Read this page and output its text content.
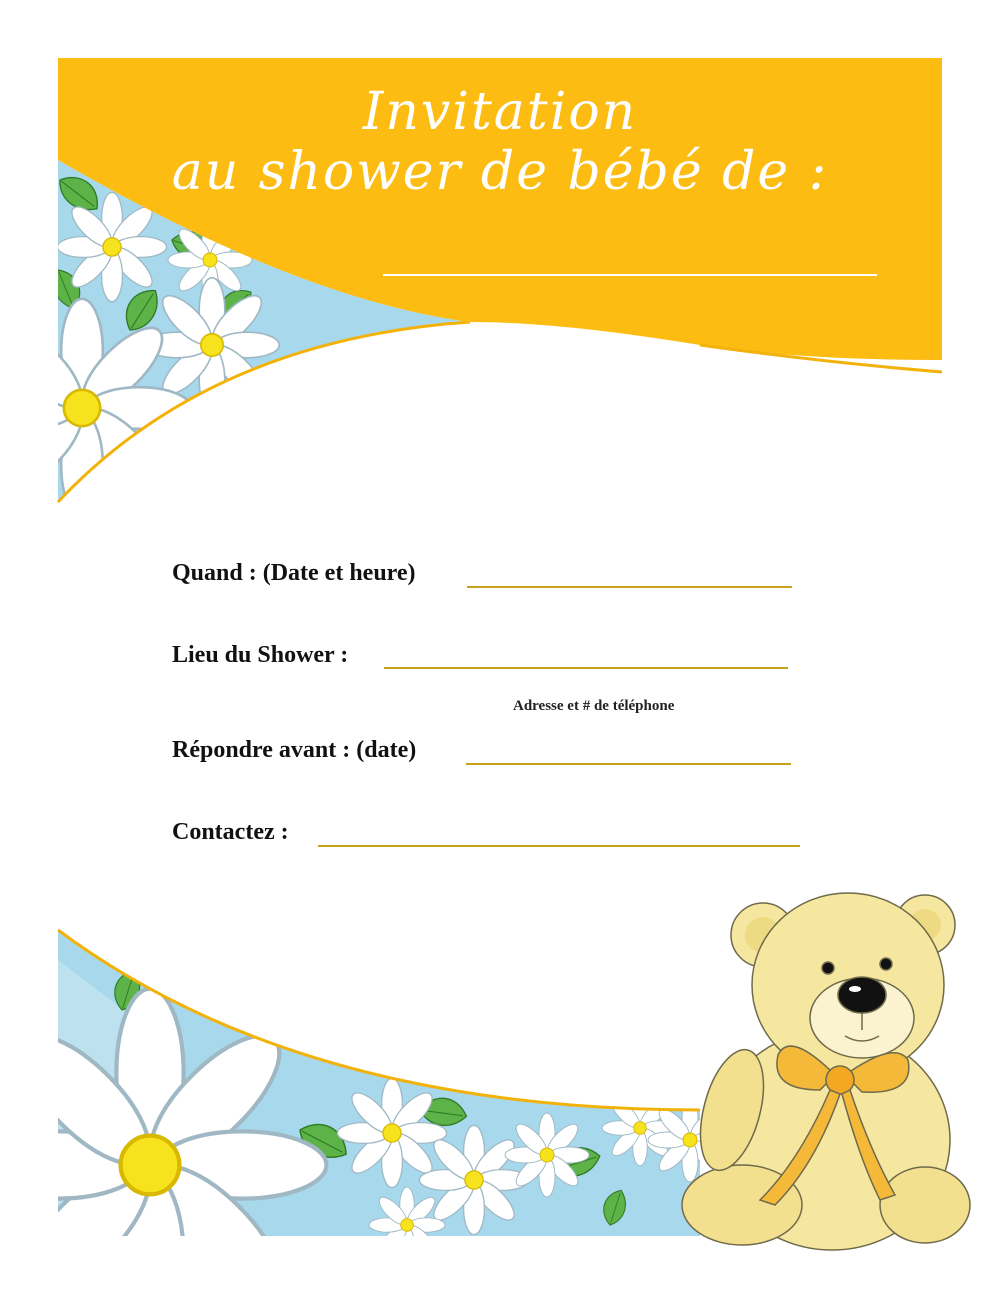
Invitation
au shower de bébé de :
Quand : (Date et heure)
Lieu du Shower :
Adresse et # de téléphone
Répondre avant : (date)
Contactez :
